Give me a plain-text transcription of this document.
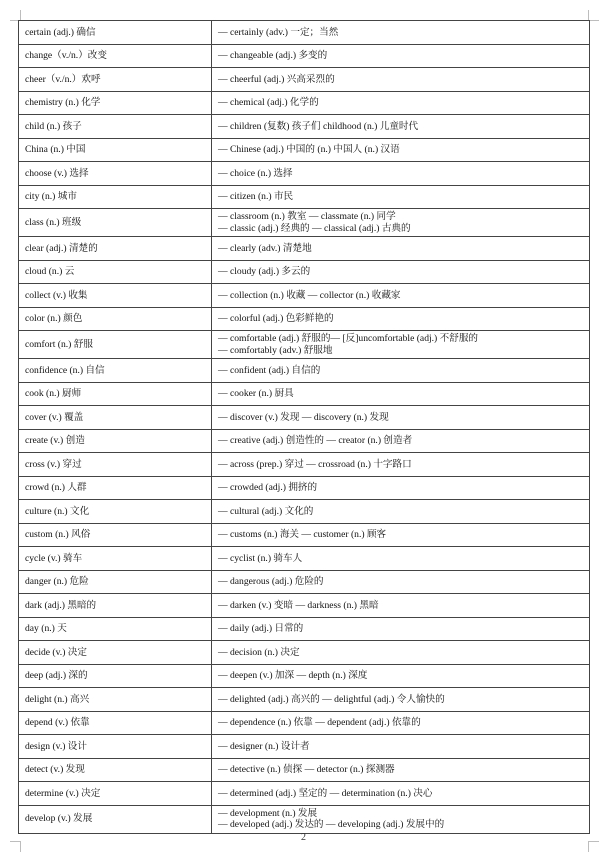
certain (adj.) 确信	— certainly (adv.) 一定；当然

change（v./n.）改变	— changeable (adj.) 多变的

cheer（v./n.）欢呼	— cheerful (adj.) 兴高采烈的

chemistry (n.) 化学	— chemical (adj.) 化学的

child (n.) 孩子	— children (复数) 孩子们 childhood (n.) 儿童时代

China (n.) 中国	— Chinese (adj.) 中国的 (n.) 中国人 (n.) 汉语

choose (v.) 选择	— choice (n.) 选择

city (n.) 城市	— citizen (n.) 市民

class (n.) 班级	— classroom (n.) 教室 — classmate (n.) 同学
— classic (adj.) 经典的 — classical (adj.) 古典的

clear (adj.) 清楚的	— clearly (adv.) 清楚地

cloud (n.) 云	— cloudy (adj.) 多云的

collect (v.) 收集	— collection (n.) 收藏 — collector (n.) 收藏家

color (n.) 颜色	— colorful (adj.) 色彩鲜艳的

comfort (n.) 舒服	— comfortable (adj.) 舒服的— [反]uncomfortable (adj.) 不舒服的
— comfortably (adv.) 舒服地

confidence (n.) 自信	— confident (adj.) 自信的

cook (n.) 厨师	— cooker (n.) 厨具

cover (v.) 覆盖	— discover (v.) 发现 — discovery (n.) 发现

create (v.) 创造	— creative (adj.) 创造性的 — creator (n.) 创造者

cross (v.) 穿过	— across (prep.) 穿过 — crossroad (n.) 十字路口

crowd (n.) 人群	— crowded (adj.) 拥挤的

culture (n.) 文化	— cultural (adj.) 文化的

custom (n.) 风俗	— customs (n.) 海关 — customer (n.) 顾客

cycle (v.) 骑车	— cyclist (n.) 骑车人

danger (n.) 危险	— dangerous (adj.) 危险的

dark (adj.) 黑暗的	— darken (v.) 变暗 — darkness (n.) 黑暗

day (n.) 天	— daily (adj.) 日常的

decide (v.) 决定	— decision (n.) 决定

deep (adj.) 深的	— deepen (v.) 加深 — depth (n.) 深度

delight (n.) 高兴	— delighted (adj.) 高兴的 — delightful (adj.) 令人愉快的

depend (v.) 依靠	— dependence (n.) 依靠 — dependent (adj.) 依靠的

design (v.) 设计	— designer (n.) 设计者

detect (v.) 发现	— detective (n.) 侦探 — detector (n.) 探测器

determine (v.) 决定	— determined (adj.) 坚定的 — determination (n.) 决心

develop (v.) 发展	— development (n.) 发展
— developed (adj.) 发达的 — developing (adj.) 发展中的
2
